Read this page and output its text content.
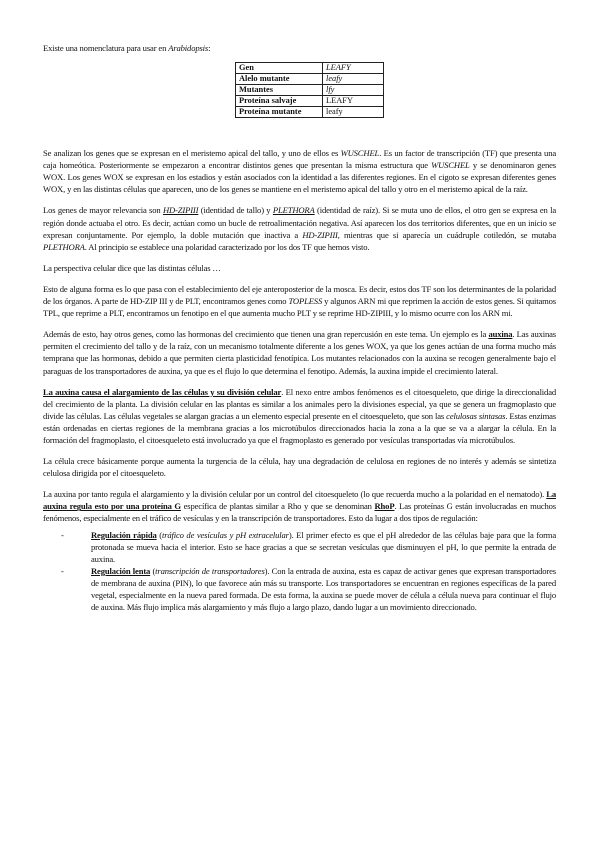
Existe una nomenclatura para usar en Arabidopsis:

Gen	LEAFY
Alelo mutante	leafy
Mutantes	lfy
Proteína salvaje	LEAFY
Proteína mutante	leafy

Se analizan los genes que se expresan en el meristemo apical del tallo, y uno de ellos es WUSCHEL. Es un factor de transcripción (TF) que presenta una caja homeótica. Posteriormente se empezaron a encontrar distintos genes que presentan la misma estructura que WUSCHEL y se denominaron genes WOX. Los genes WOX se expresan en los estadios y están asociados con la identidad a las diferentes regiones. En el cigoto se expresan diferentes genes WOX, y en las distintas células que aparecen, uno de los genes se mantiene en el meristemo apical del tallo y otro en el meristemo apical de la raíz.

Los genes de mayor relevancia son HD-ZIPIII (identidad de tallo) y PLETHORA (identidad de raíz). Si se muta uno de ellos, el otro gen se expresa en la región donde actuaba el otro. Es decir, actúan como un bucle de retroalimentación negativa. Así aparecen los dos territorios diferentes, que en un inicio se expresan conjuntamente. Por ejemplo, la doble mutación que inactiva a HD-ZIPIII, mientras que si aparecía un cuádruple cotiledón, se mutaba PLETHORA. Al principio se establece una polaridad caracterizado por los dos TF que hemos visto.

La perspectiva celular dice que las distintas células …

Esto de alguna forma es lo que pasa con el establecimiento del eje anteroposterior de la mosca. Es decir, estos dos TF son los determinantes de la polaridad de los órganos. A parte de HD-ZIP III y de PLT, encontramos genes como TOPLESS y algunos ARN mi que reprimen la acción de estos genes. Si quitamos TPL, que reprime a PLT, encontramos un fenotipo en el que aumenta mucho PLT y se reprime HD-ZIPIII, y lo mismo ocurre con los ARN mi.

Además de esto, hay otros genes, como las hormonas del crecimiento que tienen una gran repercusión en este tema. Un ejemplo es la auxina. Las auxinas permiten el crecimiento del tallo y de la raíz, con un mecanismo totalmente diferente a los genes WOX, ya que los genes actúan de una forma mucho más temprana que las hormonas, debido a que permiten cierta plasticidad fenotípica. Los mutantes relacionados con la auxina se recogen generalmente bajo el paraguas de los transportadores de auxina, ya que es el flujo lo que determina el fenotipo. Además, la auxina impide el crecimiento lateral.

La auxina causa el alargamiento de las células y su división celular. El nexo entre ambos fenómenos es el citoesqueleto, que dirige la direccionalidad del crecimiento de la planta. La división celular en las plantas es similar a los animales pero la divisiones especial, ya que se genera un fragmoplasto que divide las células. Las células vegetales se alargan gracias a un elemento especial presente en el citoesqueleto, que son las celulosas sintasas. Estas enzimas están ordenadas en ciertas regiones de la membrana gracias a los microtúbulos direccionados hacia la zona a la que se va a alargar la célula. En la formación del fragmoplasto, el citoesqueleto está involucrado ya que el fragmoplasto es generado por vesículas transportadas vía microtúbulos.

La célula crece básicamente porque aumenta la turgencia de la célula, hay una degradación de celulosa en regiones de no interés y además se sintetiza celulosa dirigida por el citoesqueleto.

La auxina por tanto regula el alargamiento y la división celular por un control del citoesqueleto (lo que recuerda mucho a la polaridad en el nematodo). La auxina regula esto por una proteína G específica de plantas similar a Rho y que se denominan RhoP. Las proteínas G están involucradas en muchos fenómenos, especialmente en el tráfico de vesículas y en la transcripción de transportadores. Esto da lugar a dos tipos de regulación:

-	Regulación rápida (tráfico de vesículas y pH extracelular). El primer efecto es que el pH alrededor de las células baje para que la forma protonada se mueva hacia el interior. Esto se hace gracias a que se secretan vesículas que disminuyen el pH, lo que permite la entrada de auxina.
-	Regulación lenta (transcripción de transportadores). Con la entrada de auxina, esta es capaz de activar genes que expresan transportadores de membrana de auxina (PIN), lo que favorece aún más su transporte. Los transportadores se encuentran en regiones específicas de la pared vegetal, especialmente en la nueva pared formada. De esta forma, la auxina se puede mover de célula a célula nueva para continuar el flujo de auxina. Más flujo implica más alargamiento y más flujo a largo plazo, dando lugar a un movimiento direccionado.
